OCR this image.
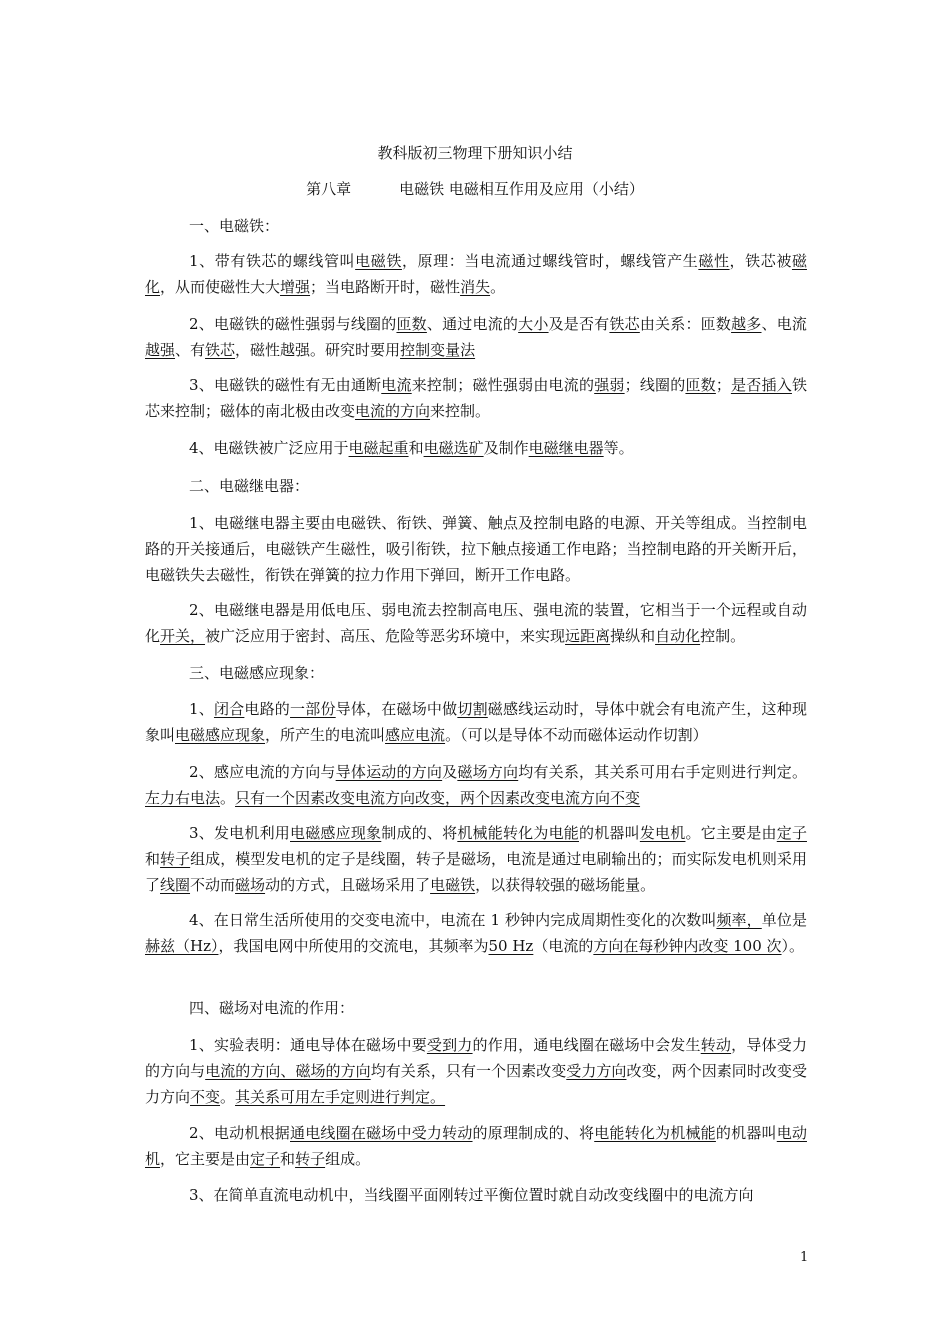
教科版初三物理下册知识小结
第八章	电磁铁 电磁相互作用及应用（小结）
一、电磁铁：
1、带有铁芯的螺线管叫电磁铁，原理：当电流通过螺线管时，螺线管产生磁性，铁芯被磁化，从而使磁性大大增强；当电路断开时，磁性消失。
2、电磁铁的磁性强弱与线圈的匝数、通过电流的大小及是否有铁芯由关系：匝数越多、电流越强、有铁芯，磁性越强。研究时要用控制变量法
3、电磁铁的磁性有无由通断电流来控制；磁性强弱由电流的强弱；线圈的匝数；是否插入铁芯来控制；磁体的南北极由改变电流的方向来控制。
4、电磁铁被广泛应用于电磁起重和电磁选矿及制作电磁继电器等。
二、电磁继电器：
1、电磁继电器主要由电磁铁、衔铁、弹簧、触点及控制电路的电源、开关等组成。当控制电路的开关接通后，电磁铁产生磁性，吸引衔铁，拉下触点接通工作电路；当控制电路的开关断开后，电磁铁失去磁性，衔铁在弹簧的拉力作用下弹回，断开工作电路。
2、电磁继电器是用低电压、弱电流去控制高电压、强电流的装置，它相当于一个远程或自动化开关，被广泛应用于密封、高压、危险等恶劣环境中，来实现远距离操纵和自动化控制。
三、电磁感应现象：
1、闭合电路的一部份导体，在磁场中做切割磁感线运动时，导体中就会有电流产生，这种现象叫电磁感应现象，所产生的电流叫感应电流。（可以是导体不动而磁体运动作切割）
2、感应电流的方向与导体运动的方向及磁场方向均有关系，其关系可用右手定则进行判定。左力右电法。只有一个因素改变电流方向改变，两个因素改变电流方向不变
3、发电机利用电磁感应现象制成的、将机械能转化为电能的机器叫发电机。它主要是由定子和转子组成，模型发电机的定子是线圈，转子是磁场，电流是通过电刷输出的；而实际发电机则采用了线圈不动而磁场动的方式，且磁场采用了电磁铁，以获得较强的磁场能量。
4、在日常生活所使用的交变电流中，电流在 1 秒钟内完成周期性变化的次数叫频率，单位是赫兹（Hz），我国电网中所使用的交流电，其频率为50 Hz（电流的方向在每秒钟内改变 100 次）。
四、磁场对电流的作用：
1、实验表明：通电导体在磁场中要受到力的作用，通电线圈在磁场中会发生转动，导体受力的方向与电流的方向、磁场的方向均有关系，只有一个因素改变受力方向改变，两个因素同时改变受力方向不变。其关系可用左手定则进行判定。
2、电动机根据通电线圈在磁场中受力转动的原理制成的、将电能转化为机械能的机器叫电动机，它主要是由定子和转子组成。
3、在简单直流电动机中，当线圈平面刚转过平衡位置时就自动改变线圈中的电流方向
1
